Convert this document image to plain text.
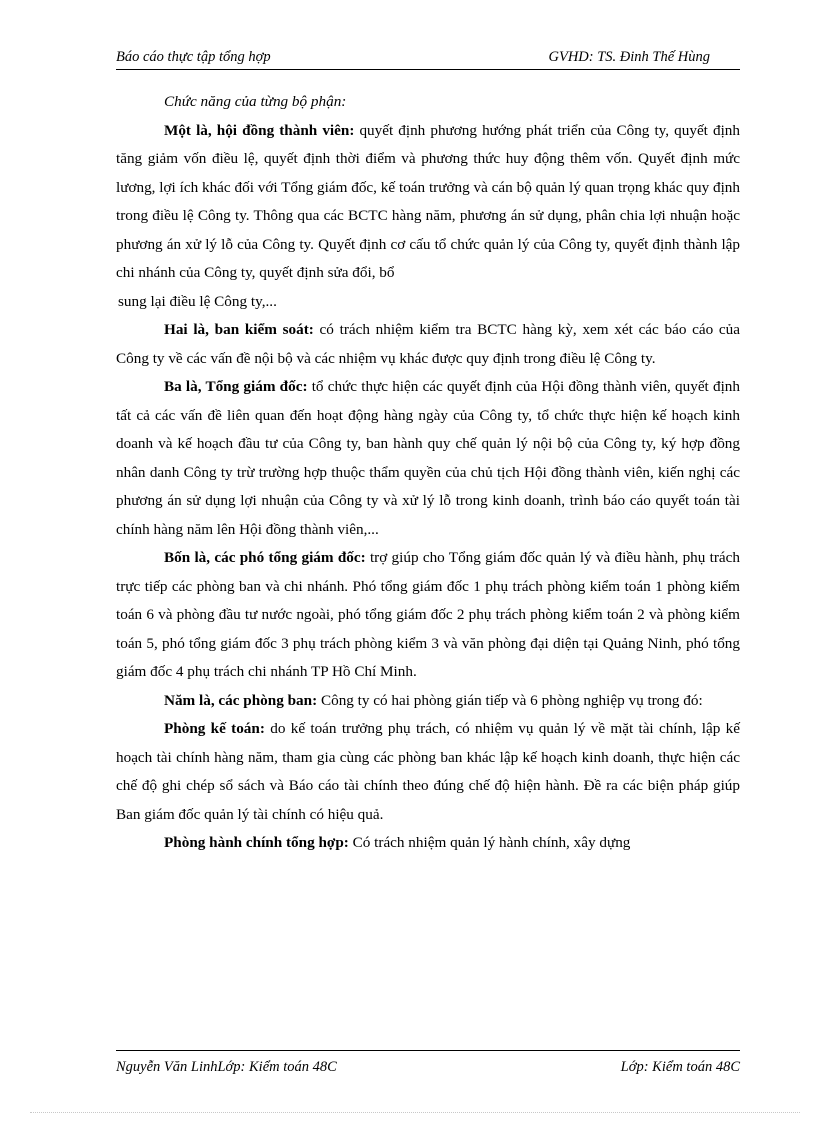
Báo cáo thực tập tổng hợp	GVHD: TS. Đinh Thế Hùng

Chức năng của từng bộ phận:

Một là, hội đồng thành viên: quyết định phương hướng phát triển của Công ty, quyết định tăng giảm vốn điều lệ, quyết định thời điểm và phương thức huy động thêm vốn. Quyết định mức lương, lợi ích khác đối với Tổng giám đốc, kế toán trưởng và cán bộ quản lý quan trọng khác quy định trong điều lệ Công ty. Thông qua các BCTC hàng năm, phương án sử dụng, phân chia lợi nhuận hoặc phương án xử lý lỗ của Công ty. Quyết định cơ cấu tổ chức quản lý của Công ty, quyết định thành lập chi nhánh của Công ty, quyết định sửa đổi, bổ

sung lại điều lệ Công ty,...

Hai là, ban kiểm soát: có trách nhiệm kiểm tra BCTC hàng kỳ, xem xét các báo cáo của Công ty về các vấn đề nội bộ và các nhiệm vụ khác được quy định trong điều lệ Công ty.

Ba là, Tổng giám đốc: tổ chức thực hiện các quyết định của Hội đồng thành viên, quyết định tất cả các vấn đề liên quan đến hoạt động hàng ngày của Công ty, tổ chức thực hiện kế hoạch kinh doanh và kế hoạch đầu tư của Công ty, ban hành quy chế quản lý nội bộ của Công ty, ký hợp đồng nhân danh Công ty trừ trường hợp thuộc thẩm quyền của chủ tịch Hội đồng thành viên, kiến nghị các phương án sử dụng lợi nhuận của Công ty và xử lý lỗ trong kinh doanh, trình báo cáo quyết toán tài chính hàng năm lên Hội đồng thành viên,...

Bốn là, các phó tổng giám đốc: trợ giúp cho Tổng giám đốc quản lý và điều hành, phụ trách trực tiếp các phòng ban và chi nhánh. Phó tổng giám đốc 1 phụ trách phòng kiểm toán 1 phòng kiểm toán 6 và phòng đầu tư nước ngoài, phó tổng giám đốc 2 phụ trách phòng kiểm toán 2 và phòng kiểm toán 5, phó tổng giám đốc 3 phụ trách phòng kiểm 3 và văn phòng đại diện tại Quảng Ninh, phó tổng giám đốc 4 phụ trách chi nhánh TP Hồ Chí Minh.

Năm là, các phòng ban: Công ty có hai phòng gián tiếp và 6 phòng nghiệp vụ trong đó:

Phòng kế toán: do kế toán trưởng phụ trách, có nhiệm vụ quản lý về mặt tài chính, lập kế hoạch tài chính hàng năm, tham gia cùng các phòng ban khác lập kế hoạch kinh doanh, thực hiện các chế độ ghi chép sổ sách và Báo cáo tài chính theo đúng chế độ hiện hành. Đề ra các biện pháp giúp Ban giám đốc quản lý tài chính có hiệu quả.

Phòng hành chính tổng hợp: Có trách nhiệm quản lý hành chính, xây dựng

Nguyễn Văn LinhLớp: Kiểm toán 48C	Lớp: Kiểm toán 48C
